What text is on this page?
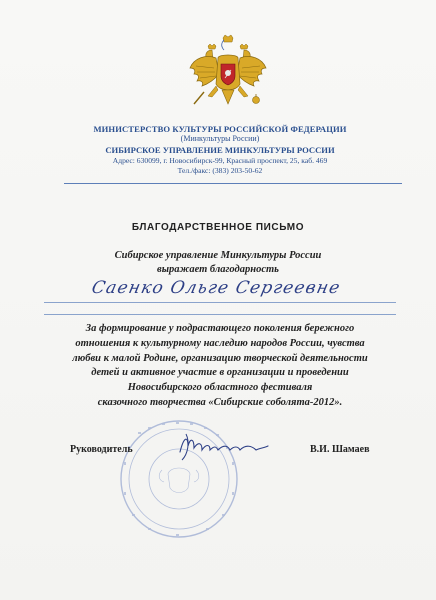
МИНИСТЕРСТВО КУЛЬТУРЫ РОССИЙСКОЙ ФЕДЕРАЦИИ
(Минкультуры России)
СИБИРСКОЕ УПРАВЛЕНИЕ МИНКУЛЬТУРЫ РОССИИ
Адрес: 630099, г. Новосибирск-99, Красный проспект, 25, каб. 469
Тел./факс: (383) 203-50-62
БЛАГОДАРСТВЕННОЕ ПИСЬМО
Сибирское управление Минкультуры России
выражает благодарность
Саенко Ольге Сергеевне
За формирование у подрастающего поколения бережного
отношения к культурному наследию народов России, чувства
любви к малой Родине, организацию творческой деятельности
детей и активное участие в организации и проведении
Новосибирского областного фестиваля
сказочного творчества «Сибирские соболята-2012».
Руководитель	В.И. Шамаев
